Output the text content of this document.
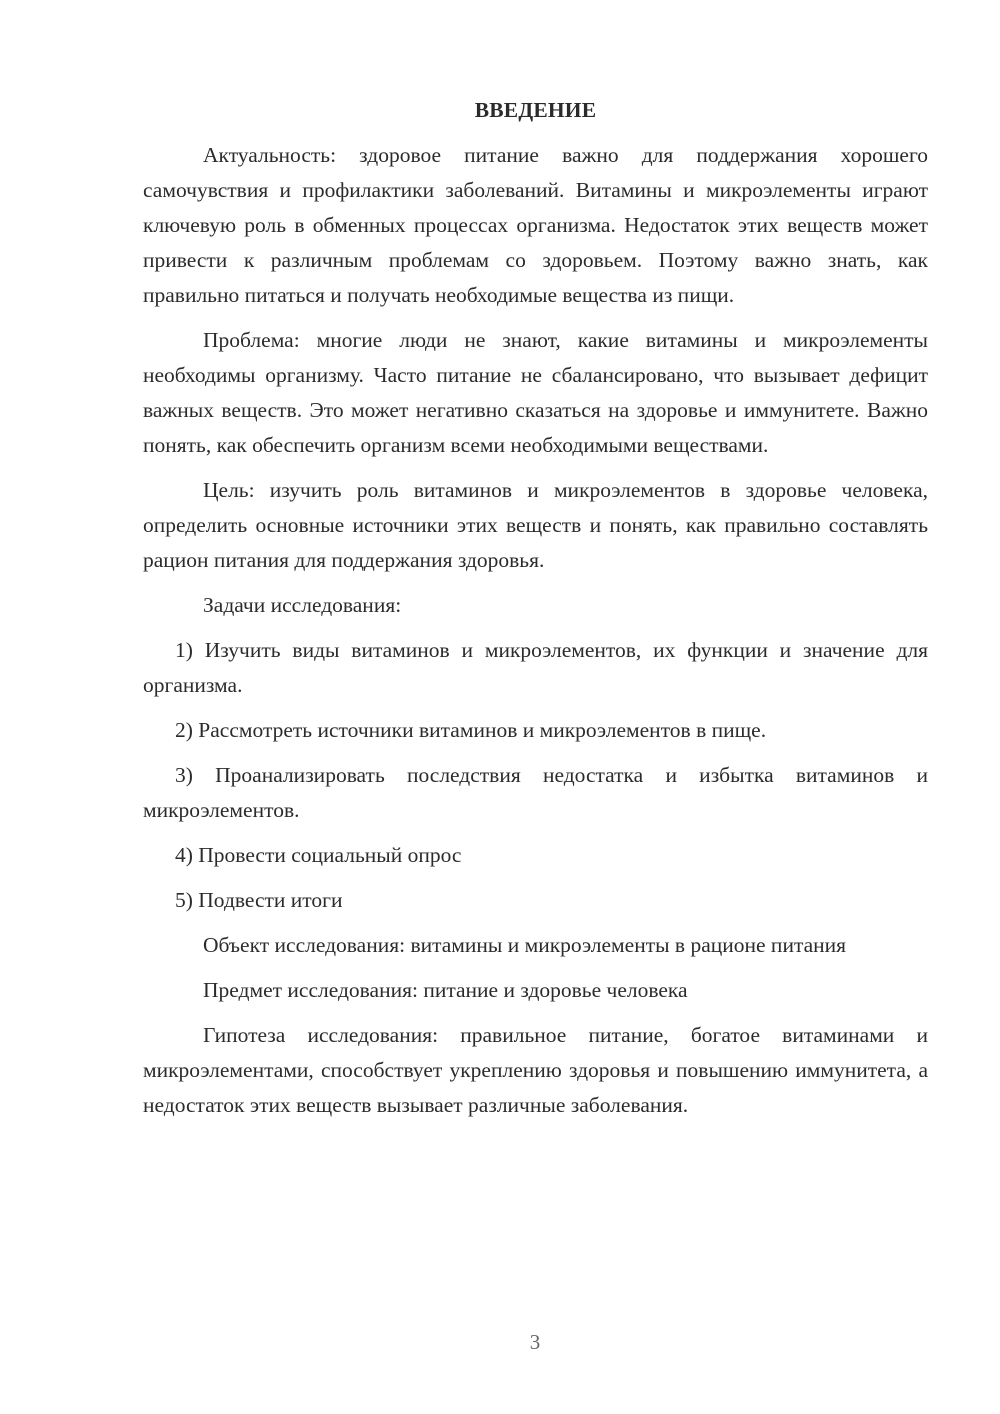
ВВЕДЕНИЕ

Актуальность: здоровое питание важно для поддержания хорошего самочувствия и профилактики заболеваний. Витамины и микроэлементы играют ключевую роль в обменных процессах организма. Недостаток этих веществ может привести к различным проблемам со здоровьем. Поэтому важно знать, как правильно питаться и получать необходимые вещества из пищи.

Проблема: многие люди не знают, какие витамины и микроэлементы необходимы организму. Часто питание не сбалансировано, что вызывает дефицит важных веществ. Это может негативно сказаться на здоровье и иммунитете. Важно понять, как обеспечить организм всеми необходимыми веществами.

Цель: изучить роль витаминов и микроэлементов в здоровье человека, определить основные источники этих веществ и понять, как правильно составлять рацион питания для поддержания здоровья.

Задачи исследования:

1) Изучить виды витаминов и микроэлементов, их функции и значение для организма.

2) Рассмотреть источники витаминов и микроэлементов в пище.

3) Проанализировать последствия недостатка и избытка витаминов и микроэлементов.

4) Провести социальный опрос

5) Подвести итоги

Объект исследования: витамины и микроэлементы в рационе питания

Предмет исследования: питание и здоровье человека

Гипотеза исследования: правильное питание, богатое витаминами и микроэлементами, способствует укреплению здоровья и повышению иммунитета, а недостаток этих веществ вызывает различные заболевания.

3
